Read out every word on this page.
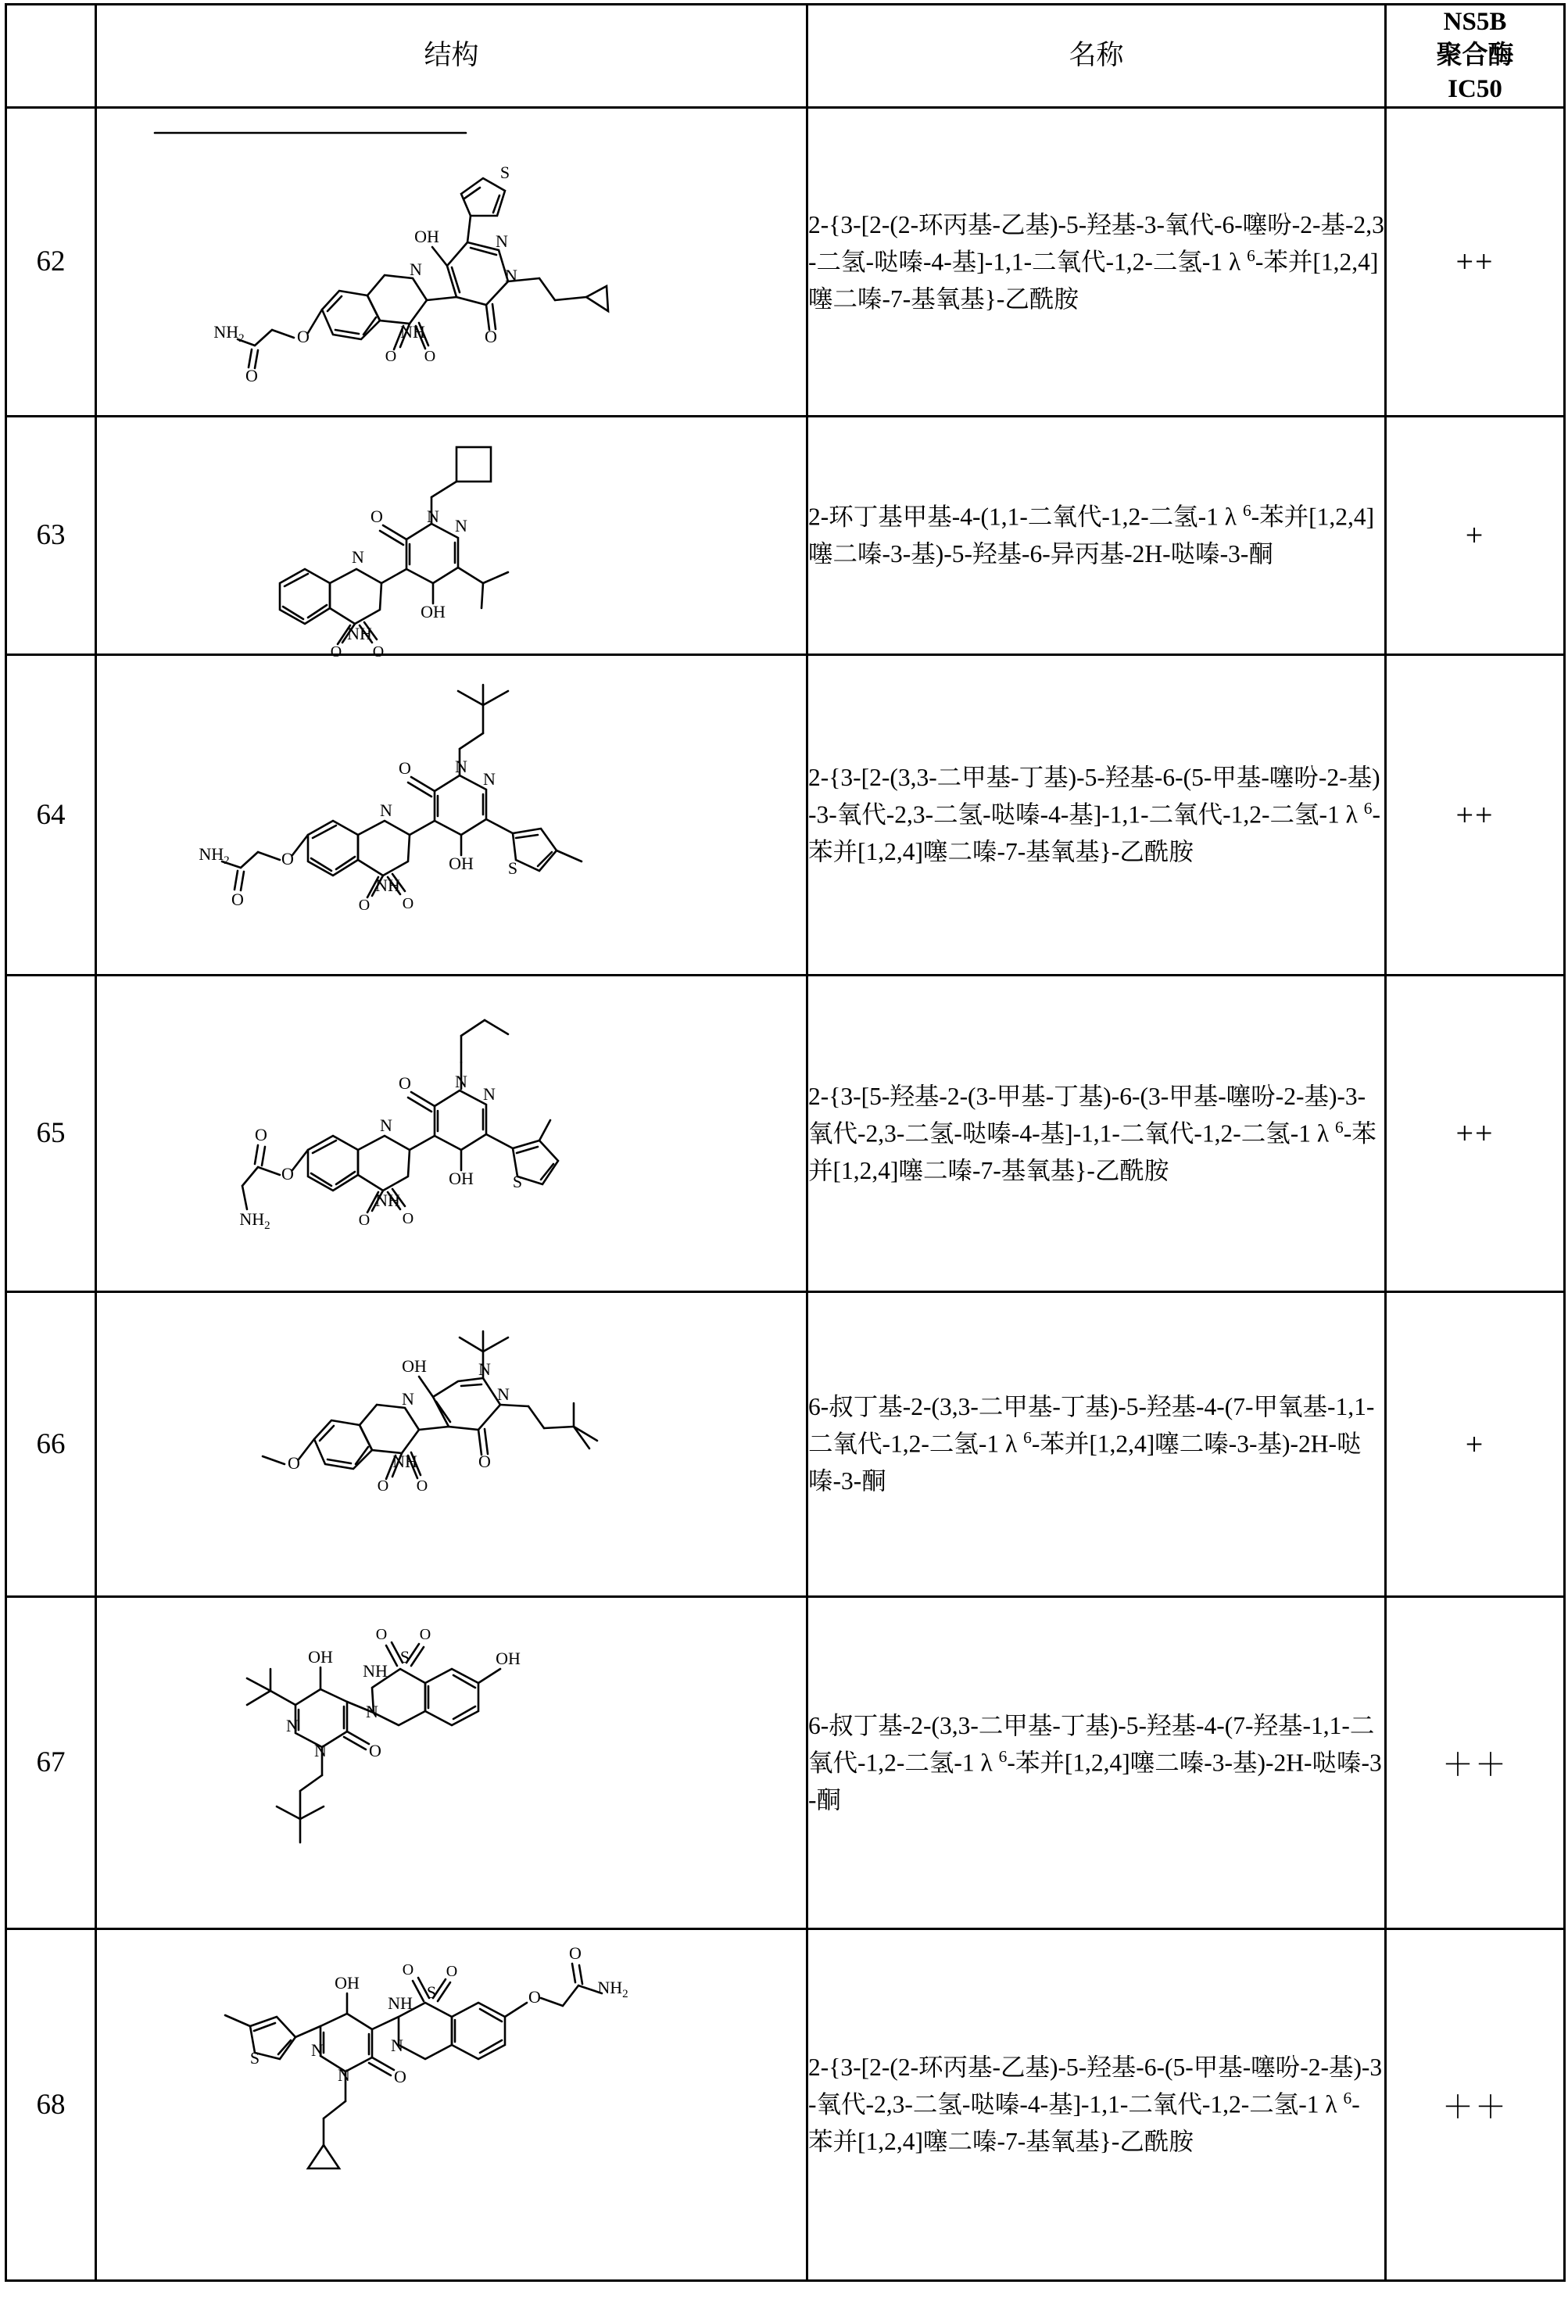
	结构	名称	NS5B
聚合酶
IC50

62	
S
OH	N
N
O
N
NH
O O
O
$NH_2$
O
	2-{3-[2-(2-环丙基-乙基)-5-羟基-3-氧代-6-噻吩-2-基-2,3-二氢-哒嗪-4-基]-1,1-二氧代-1,2-二氢-1 λ $^6$-苯并[1,2,4]噻二嗪-7-基氧基}-乙酰胺	++
63	
O	N
N
OH
N
NH
O O
	2-环丁基甲基-4-(1,1-二氧代-1,2-二氢-1 λ $^6$-苯并[1,2,4]噻二嗪-3-基)-5-羟基-6-异丙基-2H-哒嗪-3-酮	+
64	
O	N
N
OH
N
NH
O O
O
$NH_2$
O
S
	2-{3-[2-(3,3-二甲基-丁基)-5-羟基-6-(5-甲基-噻吩-2-基)-3-氧代-2,3-二氢-哒嗪-4-基]-1,1-二氧代-1,2-二氢-1 λ $^6$-苯并[1,2,4]噻二嗪-7-基氧基}-乙酰胺	++
65	
O	N
N
OH
N
NH
O O
O
O
$NH_2$
S
	2-{3-[5-羟基-2-(3-甲基-丁基)-6-(3-甲基-噻吩-2-基)-3-氧代-2,3-二氢-哒嗪-4-基]-1,1-二氧代-1,2-二氢-1 λ $^6$-苯并[1,2,4]噻二嗪-7-基氧基}-乙酰胺	++
66	
OH
N
N
O
N
NH
O O
O
	6-叔丁基-2-(3,3-二甲基-丁基)-5-羟基-4-(7-甲氧基-1,1-二氧代-1,2-二氢-1 λ $^6$-苯并[1,2,4]噻二嗪-3-基)-2H-哒嗪-3-酮	+
67	
O O
S
NH
OH
OH
N
N
N
O
	6-叔丁基-2-(3,3-二甲基-丁基)-5-羟基-4-(7-羟基-1,1-二氧代-1,2-二氢-1 λ $^6$-苯并[1,2,4]噻二嗪-3-基)-2H-哒嗪-3-酮	＋＋
68	
S
OH
O O
S
NH
N
N
N
O
O
O
$NH_2$
	2-{3-[2-(2-环丙基-乙基)-5-羟基-6-(5-甲基-噻吩-2-基)-3-氧代-2,3-二氢-哒嗪-4-基]-1,1-二氧代-1,2-二氢-1 λ $^6$-苯并[1,2,4]噻二嗪-7-基氧基}-乙酰胺	＋＋
